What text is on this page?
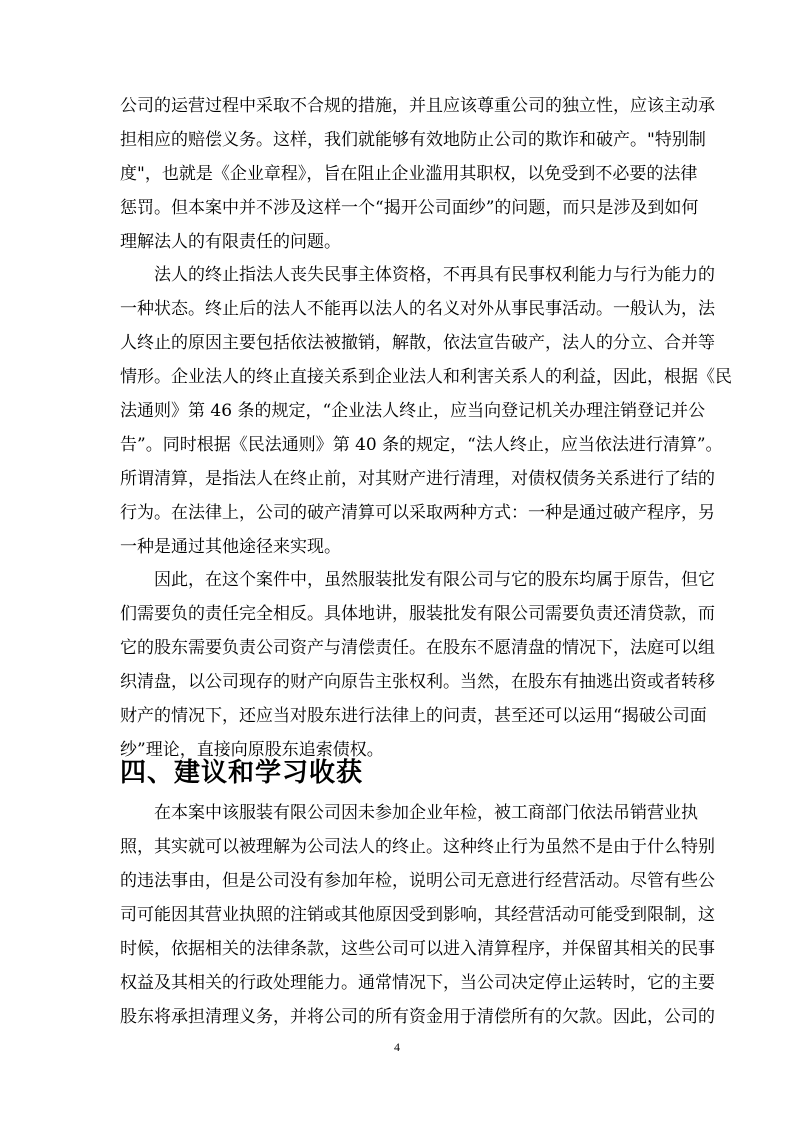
公司的运营过程中采取不合规的措施，并且应该尊重公司的独立性，应该主动承
担相应的赔偿义务。这样，我们就能够有效地防止公司的欺诈和破产。"特别制
度"，也就是《企业章程》，旨在阻止企业滥用其职权，以免受到不必要的法律
惩罚。但本案中并不涉及这样一个“揭开公司面纱”的问题，而只是涉及到如何
理解法人的有限责任的问题。
法人的终止指法人丧失民事主体资格，不再具有民事权利能力与行为能力的
一种状态。终止后的法人不能再以法人的名义对外从事民事活动。一般认为，法
人终止的原因主要包括依法被撤销，解散，依法宣告破产，法人的分立、合并等
情形。企业法人的终止直接关系到企业法人和利害关系人的利益，因此，根据《民
法通则》第 46 条的规定，“企业法人终止，应当向登记机关办理注销登记并公
告”。同时根据《民法通则》第 40 条的规定，“法人终止，应当依法进行清算”。
所谓清算，是指法人在终止前，对其财产进行清理，对债权债务关系进行了结的
行为。在法律上，公司的破产清算可以采取两种方式：一种是通过破产程序，另
一种是通过其他途径来实现。
因此，在这个案件中，虽然服装批发有限公司与它的股东均属于原告，但它
们需要负的责任完全相反。具体地讲，服装批发有限公司需要负责还清贷款，而
它的股东需要负责公司资产与清偿责任。在股东不愿清盘的情况下，法庭可以组
织清盘，以公司现存的财产向原告主张权利。当然，在股东有抽逃出资或者转移
财产的情况下，还应当对股东进行法律上的问责，甚至还可以运用“揭破公司面
纱”理论，直接向原股东追索债权。
四、建议和学习收获
在本案中该服装有限公司因未参加企业年检，被工商部门依法吊销营业执
照，其实就可以被理解为公司法人的终止。这种终止行为虽然不是由于什么特别
的违法事由，但是公司没有参加年检，说明公司无意进行经营活动。尽管有些公
司可能因其营业执照的注销或其他原因受到影响，其经营活动可能受到限制，这
时候，依据相关的法律条款，这些公司可以进入清算程序，并保留其相关的民事
权益及其相关的行政处理能力。通常情况下，当公司决定停止运转时，它的主要
股东将承担清理义务，并将公司的所有资金用于清偿所有的欠款。因此，公司的
4
